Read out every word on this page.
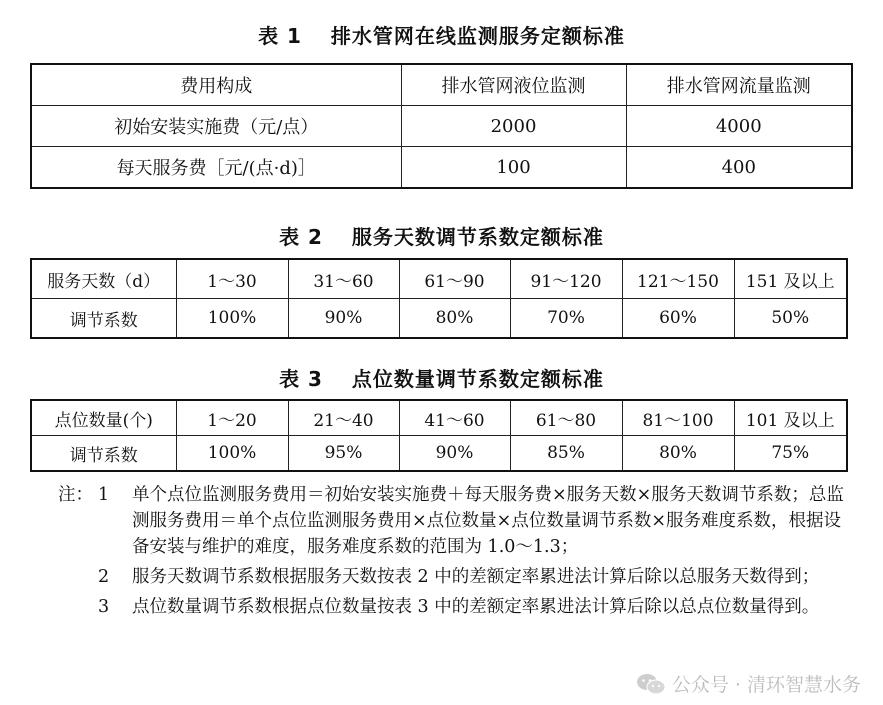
表 1　 排水管网在线监测服务定额标准
费用构成	排水管网液位监测	排水管网流量监测
初始安装实施费（元/点）	2000	4000
每天服务费［元/(点·d)］	100	400
表 2　 服务天数调节系数定额标准
服务天数（d）	1～30	31～60	61～90	91～120	121～150	151 及以上
调节系数	100%	90%	80%	70%	60%	50%
表 3　 点位数量调节系数定额标准
点位数量(个)	1～20	21～40	41～60	61～80	81～100	101 及以上
调节系数	100%	95%	90%	85%	80%	75%
注： 1	单个点位监测服务费用＝初始安装实施费＋每天服务费×服务天数×服务天数调节系数；总监测服务费用＝单个点位监测服务费用×点位数量×点位数量调节系数×服务难度系数，根据设备安装与维护的难度，服务难度系数的范围为 1.0～1.3；
2	服务天数调节系数根据服务天数按表 2 中的差额定率累进法计算后除以总服务天数得到；
3	点位数量调节系数根据点位数量按表 3 中的差额定率累进法计算后除以总点位数量得到。
公众号 · 清环智慧水务
